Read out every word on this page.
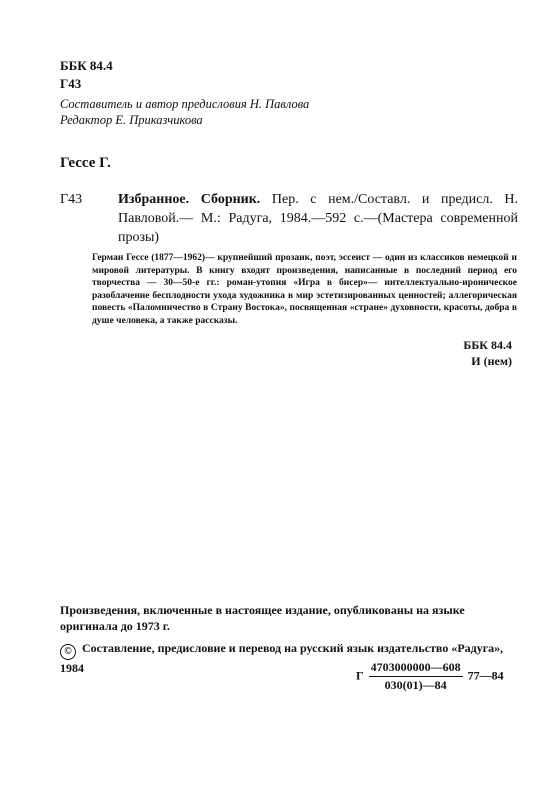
ББК 84.4
Г43
Составитель и автор предисловия Н. Павлова
Редактор Е. Приказчикова
Гессе Г.
Г43	Избранное. Сборник. Пер. с нем./Составл. и предисл. Н. Павловой.— М.: Радуга, 1984.—592 с.—(Мастера современной прозы)
Герман Гессе (1877—1962)— крупнейший прозаик, поэт, эссеист — один из классиков немецкой и мировой литературы. В книгу входят произведения, написанные в последний период его творчества — 30—50-е гг.: роман-утопия «Игра в бисер»— интеллектуально-ироническое разоблачение бесплодности ухода художника в мир эстетизированных ценностей; аллегорическая повесть «Паломничество в Страну Востока», посвященная «стране» духовности, красоты, добра в душе человека, а также рассказы.
ББК 84.4
И (нем)
Произведения, включенные в настоящее издание, опубликованы на языке оригинала до 1973 г.
© Составление, предисловие и перевод на русский язык издательство «Радуга», 1984
Г $\frac{4703000000—608}{030(01)—84}$ 77—84
